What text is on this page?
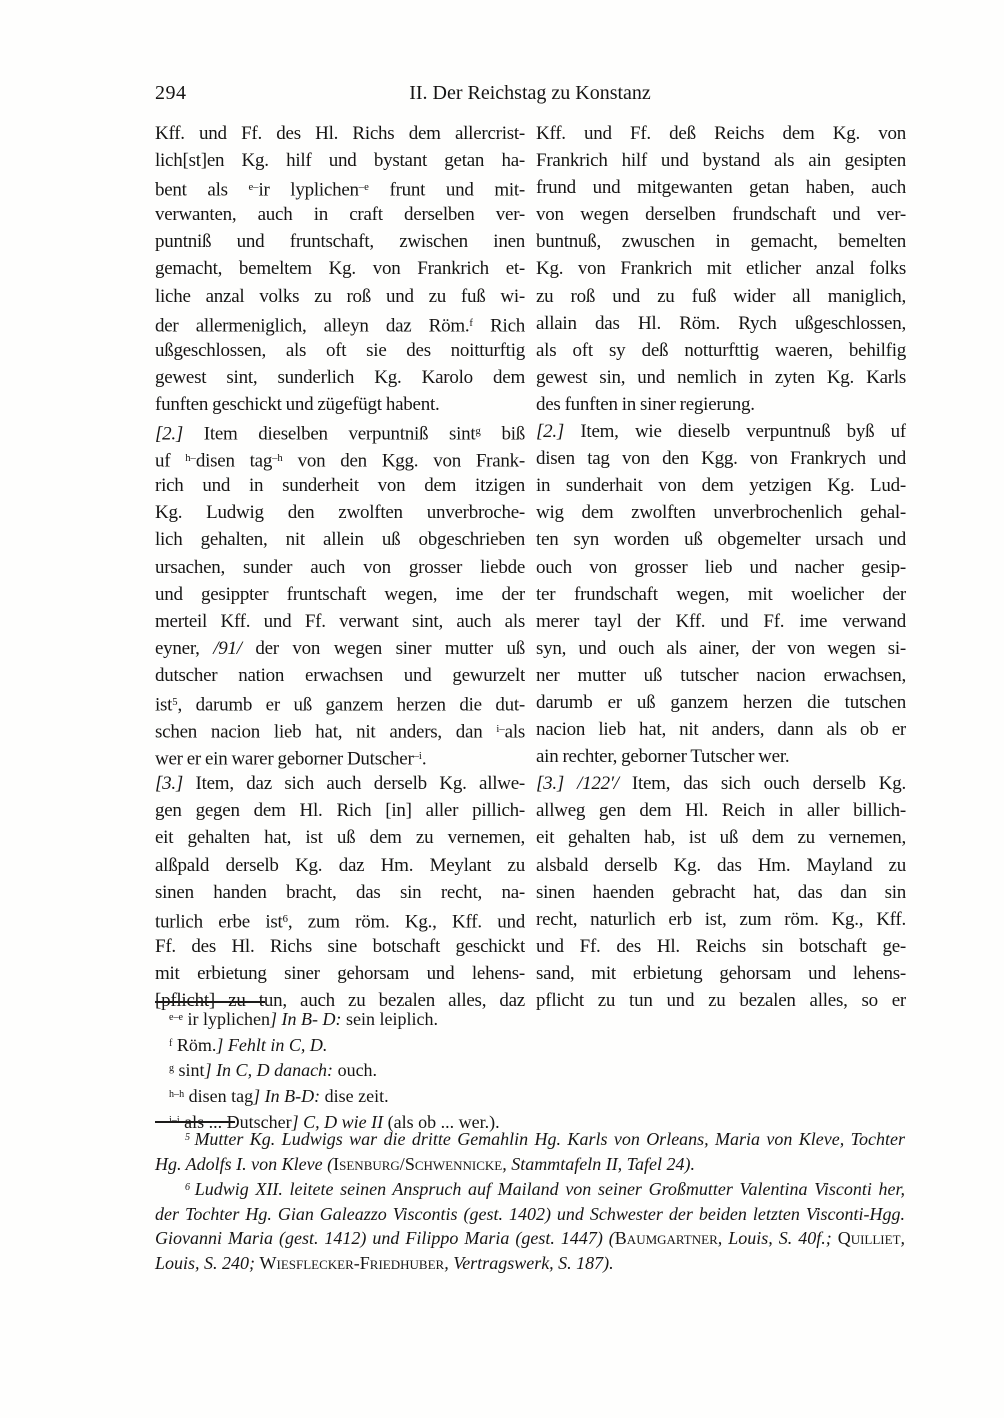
294	II. Der Reichstag zu Konstanz
Kff. und Ff. des Hl. Richs dem allercrist-
lich[st]en Kg. hilf und bystant getan ha-
bent als $^{e-}$ir lyplichen$^{-e}$ frunt und mit-
verwanten, auch in craft derselben ver-
puntniß und fruntschaft, zwischen inen
gemacht, bemeltem Kg. von Frankrich et-
liche anzal volks zu roß und zu fuß wi-
der allermeniglich, alleyn daz Röm.$^f$ Rich
ußgeschlossen, als oft sie des noitturftig
gewest sint, sunderlich Kg. Karolo dem
funften geschickt und zügefügt habent.
[2.] Item dieselben verpuntniß sint$^g$ biß
uf $^{h-}$disen tag$^{-h}$ von den Kgg. von Frank-
rich und in sunderheit von dem itzigen
Kg. Ludwig den zwolften unverbroche-
lich gehalten, nit allein uß obgeschrieben
ursachen, sunder auch von grosser liebde
und gesippter fruntschaft wegen, ime der
merteil Kff. und Ff. verwant sint, auch als
eyner, /91/ der von wegen siner mutter uß
dutscher nation erwachsen und gewurzelt
ist$^5$, darumb er uß ganzem herzen die dut-
schen nacion lieb hat, nit anders, dan $^{i-}$als
wer er ein warer geborner Dutscher$^{-i}$.
[3.] Item, daz sich auch derselb Kg. allwe-
gen gegen dem Hl. Rich [in] aller pillich-
eit gehalten hat, ist uß dem zu vernemen,
alßpald derselb Kg. daz Hm. Meylant zu
sinen handen bracht, das sin recht, na-
turlich erbe ist$^6$, zum röm. Kg., Kff. und
Ff. des Hl. Richs sine botschaft geschickt
mit erbietung siner gehorsam und lehens-
[pflicht] zu tun, auch zu bezalen alles, daz
Kff. und Ff. deß Reichs dem Kg. von
Frankrich hilf und bystand als ain gesipten
frund und mitgewanten getan haben, auch
von wegen derselben frundschaft und ver-
buntnuß, zwuschen in gemacht, bemelten
Kg. von Frankrich mit etlicher anzal folks
zu roß und zu fuß wider all maniglich,
allain das Hl. Röm. Rych ußgeschlossen,
als oft sy deß notturfttig waeren, behilfig
gewest sin, und nemlich in zyten Kg. Karls
des funften in siner regierung.
[2.] Item, wie dieselb verpuntnuß byß uf
disen tag von den Kgg. von Frankrych und
in sunderhait von dem yetzigen Kg. Lud-
wig dem zwolften unverbrochenlich gehal-
ten syn worden uß obgemelter ursach und
ouch von grosser lieb und nacher gesip-
ter frundschaft wegen, mit woelicher der
merer tayl der Kff. und Ff. ime verwand
syn, und ouch als ainer, der von wegen si-
ner mutter uß tutscher nacion erwachsen,
darumb er uß ganzem herzen die tutschen
nacion lieb hat, nit anders, dann als ob er
ain rechter, geborner Tutscher wer.
[3.] /122′/ Item, das sich ouch derselb Kg.
allweg gen dem Hl. Reich in aller billich-
eit gehalten hab, ist uß dem zu vernemen,
alsbald derselb Kg. das Hm. Mayland zu
sinen haenden gebracht hat, das dan sin
recht, naturlich erb ist, zum röm. Kg., Kff.
und Ff. des Hl. Reichs sin botschaft ge-
sand, mit erbietung gehorsam und lehens-
pflicht zu tun und zu bezalen alles, so er
$^{e-e}$ ir lyplichen] In B- D: sein leiplich.
$^f$ Röm.] Fehlt in C, D.
$^g$ sint] In C, D danach: ouch.
$^{h-h}$ disen tag] In B-D: dise zeit.
$^{i-i}$ als ... Dutscher] C, D wie II (als ob ... wer.).
$^5$ Mutter Kg. Ludwigs war die dritte Gemahlin Hg. Karls von Orleans, Maria von Kleve, Tochter Hg. Adolfs I. von Kleve (Isenburg/Schwennicke, Stammtafeln II, Tafel 24).
$^6$ Ludwig XII. leitete seinen Anspruch auf Mailand von seiner Großmutter Valentina Visconti her, der Tochter Hg. Gian Galeazzo Viscontis (gest. 1402) und Schwester der beiden letzten Visconti-Hgg. Giovanni Maria (gest. 1412) und Filippo Maria (gest. 1447) (Baumgartner, Louis, S. 40f.; Quilliet, Louis, S. 240; Wiesflecker-Friedhuber, Vertragswerk, S. 187).
